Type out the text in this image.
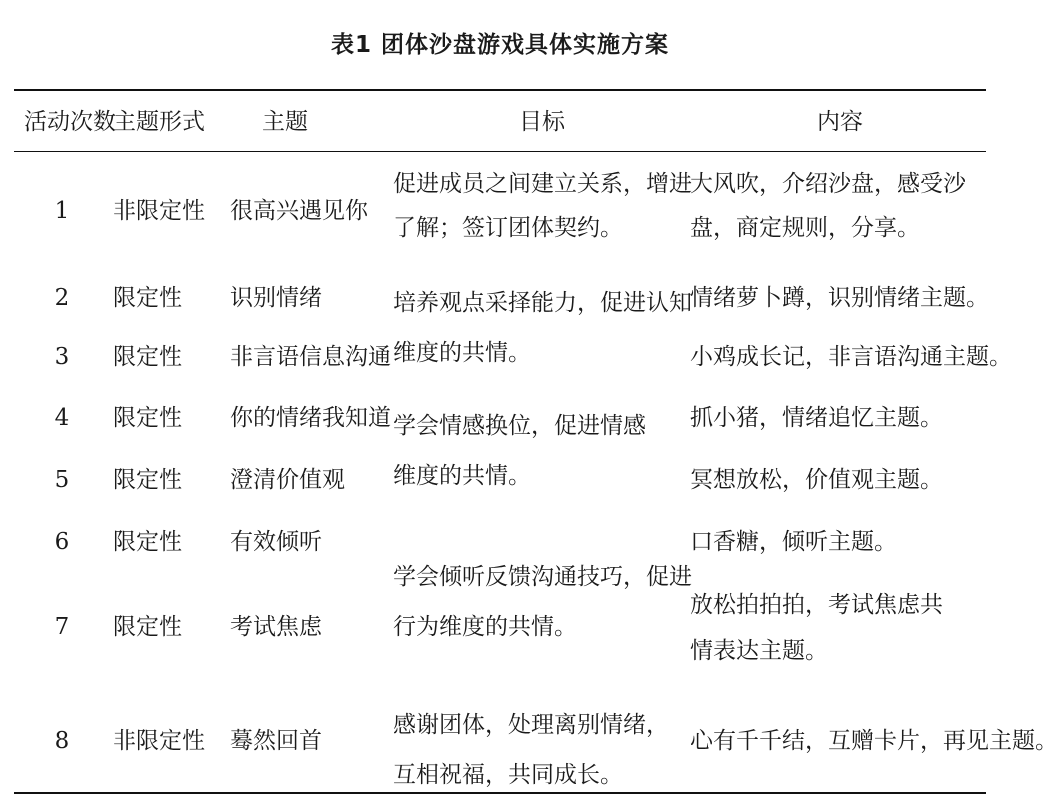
表1 团体沙盘游戏具体实施方案
活动次数
主题形式 主题	目标	内容
1
2
3
4
5
6
7
8
非限定性
限定性
限定性
限定性
限定性
限定性
限定性
非限定性
很高兴遇见你
识别情绪
非言语信息沟通
你的情绪我知道
澄清价值观
有效倾听
考试焦虑
蓦然回首
促进成员之间建立关系，增进了解；签订团体契约。
培养观点采择能力，促进认知维度的共情。
学会情感换位，促进情感维度的共情。
学会倾听反馈沟通技巧，促进行为维度的共情。
感谢团体，处理离别情绪，互相祝福，共同成长。
大风吹，介绍沙盘，感受沙盘，商定规则，分享。
情绪萝卜蹲，识别情绪主题。
小鸡成长记，非言语沟通主题。
抓小猪，情绪追忆主题。
冥想放松，价值观主题。
口香糖，倾听主题。
放松拍拍拍，考试焦虑共情表达主题。
心有千千结，互赠卡片，再见主题。
